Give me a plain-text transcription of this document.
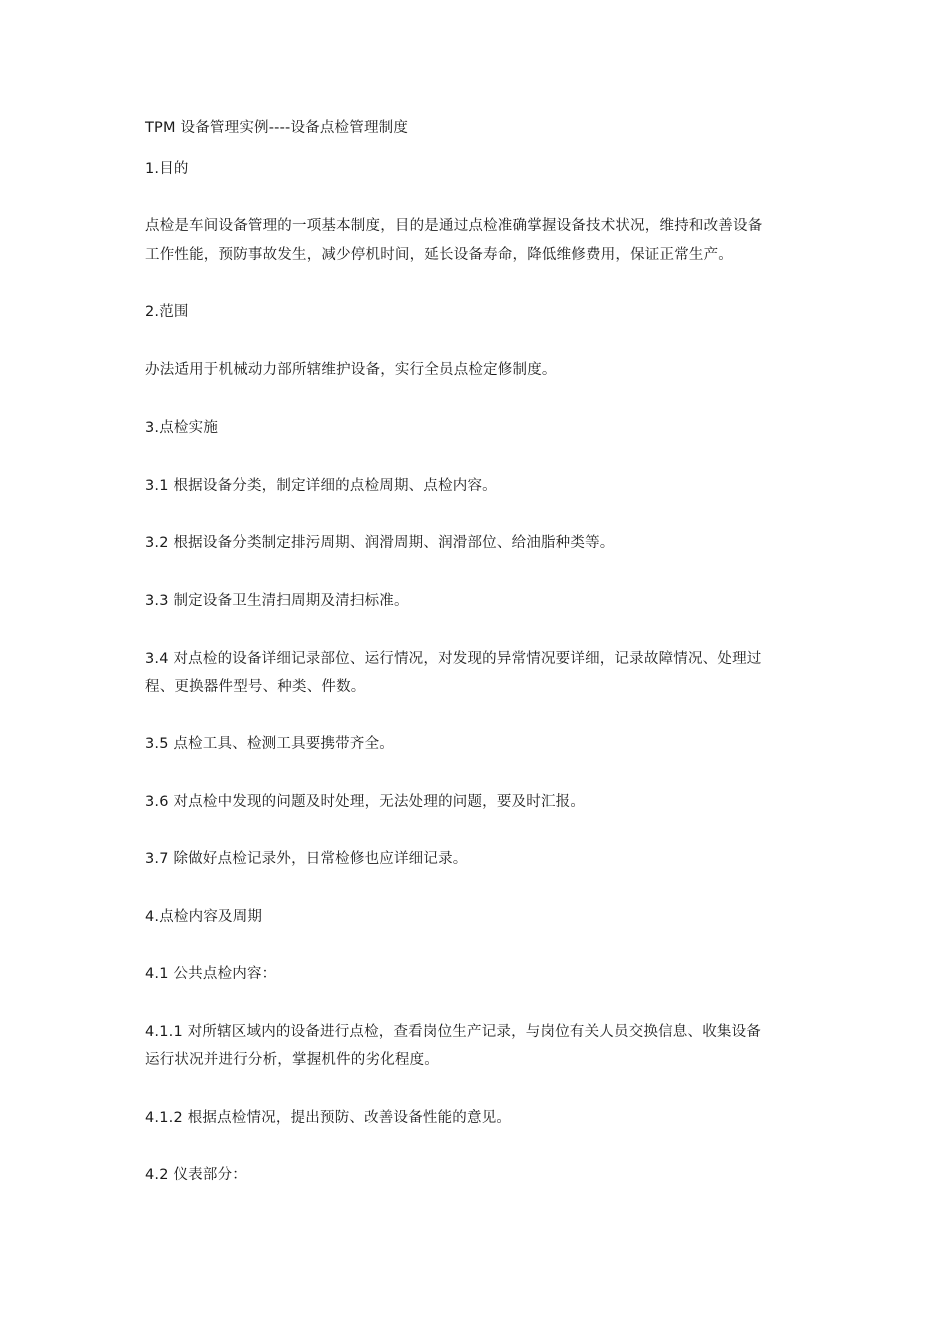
TPM 设备管理实例----设备点检管理制度
1.目的
点检是车间设备管理的一项基本制度，目的是通过点检准确掌握设备技术状况，维持和改善设备
工作性能，预防事故发生，减少停机时间，延长设备寿命，降低维修费用，保证正常生产。
2.范围
办法适用于机械动力部所辖维护设备，实行全员点检定修制度。
3.点检实施
3.1 根据设备分类，制定详细的点检周期、点检内容。
3.2 根据设备分类制定排污周期、润滑周期、润滑部位、给油脂种类等。
3.3 制定设备卫生清扫周期及清扫标准。
3.4 对点检的设备详细记录部位、运行情况，对发现的异常情况要详细，记录故障情况、处理过
程、更换器件型号、种类、件数。
3.5 点检工具、检测工具要携带齐全。
3.6 对点检中发现的问题及时处理，无法处理的问题，要及时汇报。
3.7 除做好点检记录外，日常检修也应详细记录。
4.点检内容及周期
4.1 公共点检内容：
4.1.1 对所辖区域内的设备进行点检，查看岗位生产记录，与岗位有关人员交换信息、收集设备
运行状况并进行分析，掌握机件的劣化程度。
4.1.2 根据点检情况，提出预防、改善设备性能的意见。
4.2 仪表部分：
